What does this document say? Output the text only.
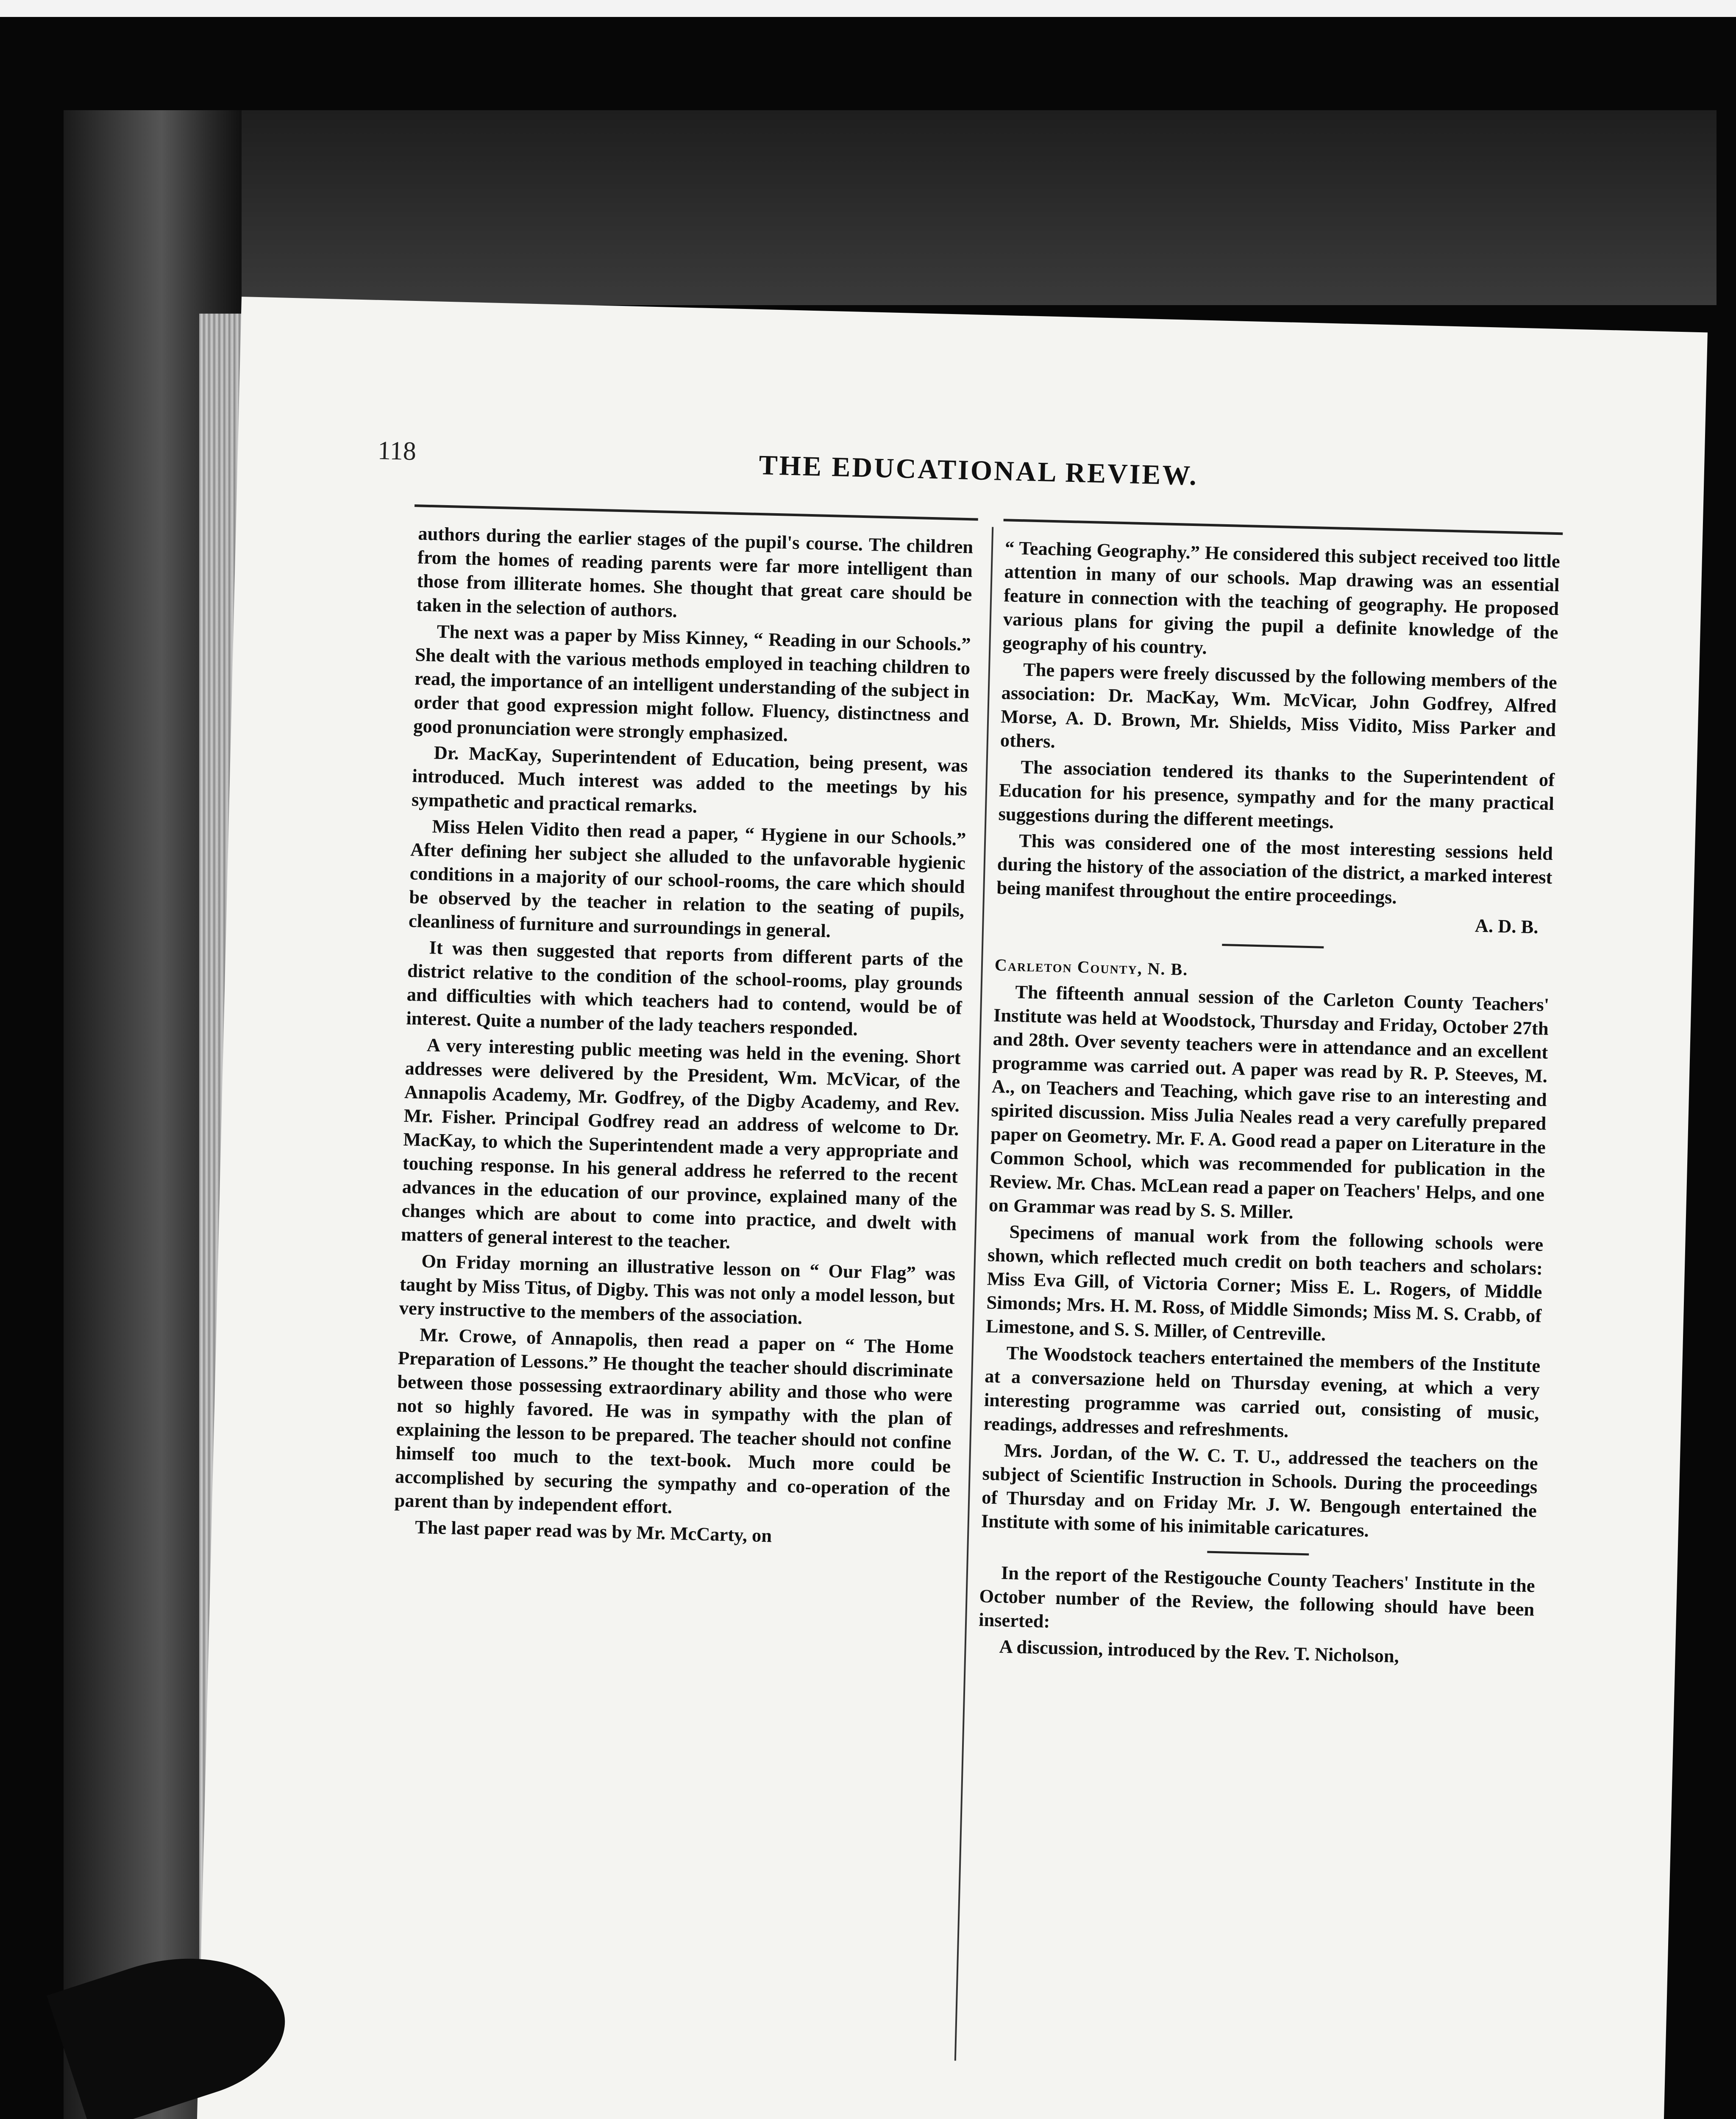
118	THE EDUCATIONAL REVIEW.

authors during the earlier stages of the pupil's course. The children from the homes of reading parents were far more intelligent than those from illiterate homes. She thought that great care should be taken in the selection of authors.

The next was a paper by Miss Kinney, “ Reading in our Schools.” She dealt with the various methods employed in teaching children to read, the importance of an intelligent understanding of the subject in order that good expression might follow. Fluency, distinctness and good pronunciation were strongly emphasized.

Dr. MacKay, Superintendent of Education, being present, was introduced. Much interest was added to the meetings by his sympathetic and practical remarks.

Miss Helen Vidito then read a paper, “ Hygiene in our Schools.” After defining her subject she alluded to the unfavorable hygienic conditions in a majority of our school-rooms, the care which should be observed by the teacher in relation to the seating of pupils, cleanliness of furniture and surroundings in general.

It was then suggested that reports from different parts of the district relative to the condition of the school-rooms, play grounds and difficulties with which teachers had to contend, would be of interest. Quite a number of the lady teachers responded.

A very interesting public meeting was held in the evening. Short addresses were delivered by the President, Wm. McVicar, of the Annapolis Academy, Mr. Godfrey, of the Digby Academy, and Rev. Mr. Fisher. Principal Godfrey read an address of welcome to Dr. MacKay, to which the Superintendent made a very appropriate and touching response. In his general address he referred to the recent advances in the education of our province, explained many of the changes which are about to come into practice, and dwelt with matters of general interest to the teacher.

On Friday morning an illustrative lesson on “ Our Flag” was taught by Miss Titus, of Digby. This was not only a model lesson, but very instructive to the members of the association.

Mr. Crowe, of Annapolis, then read a paper on “ The Home Preparation of Lessons.” He thought the teacher should discriminate between those possessing extraordinary ability and those who were not so highly favored. He was in sympathy with the plan of explaining the lesson to be prepared. The teacher should not confine himself too much to the text-book. Much more could be accomplished by securing the sympathy and co-operation of the parent than by independent effort.

The last paper read was by Mr. McCarty, on

“ Teaching Geography.” He considered this subject received too little attention in many of our schools. Map drawing was an essential feature in connection with the teaching of geography. He proposed various plans for giving the pupil a definite knowledge of the geography of his country.

The papers were freely discussed by the following members of the association: Dr. MacKay, Wm. McVicar, John Godfrey, Alfred Morse, A. D. Brown, Mr. Shields, Miss Vidito, Miss Parker and others.

The association tendered its thanks to the Superintendent of Education for his presence, sympathy and for the many practical suggestions during the different meetings.

This was considered one of the most interesting sessions held during the history of the association of the district, a marked interest being manifest throughout the entire proceedings.

A. D. B.

Carleton County, N. B.

The fifteenth annual session of the Carleton County Teachers' Institute was held at Woodstock, Thursday and Friday, October 27th and 28th. Over seventy teachers were in attendance and an excellent programme was carried out. A paper was read by R. P. Steeves, M. A., on Teachers and Teaching, which gave rise to an interesting and spirited discussion. Miss Julia Neales read a very carefully prepared paper on Geometry. Mr. F. A. Good read a paper on Literature in the Common School, which was recommended for publication in the Review. Mr. Chas. McLean read a paper on Teachers' Helps, and one on Grammar was read by S. S. Miller.

Specimens of manual work from the following schools were shown, which reflected much credit on both teachers and scholars: Miss Eva Gill, of Victoria Corner; Miss E. L. Rogers, of Middle Simonds; Mrs. H. M. Ross, of Middle Simonds; Miss M. S. Crabb, of Limestone, and S. S. Miller, of Centreville.

The Woodstock teachers entertained the members of the Institute at a conversazione held on Thursday evening, at which a very interesting programme was carried out, consisting of music, readings, addresses and refreshments.

Mrs. Jordan, of the W. C. T. U., addressed the teachers on the subject of Scientific Instruction in Schools. During the proceedings of Thursday and on Friday Mr. J. W. Bengough entertained the Institute with some of his inimitable caricatures.

In the report of the Restigouche County Teachers' Institute in the October number of the Review, the following should have been inserted:

A discussion, introduced by the Rev. T. Nicholson,
